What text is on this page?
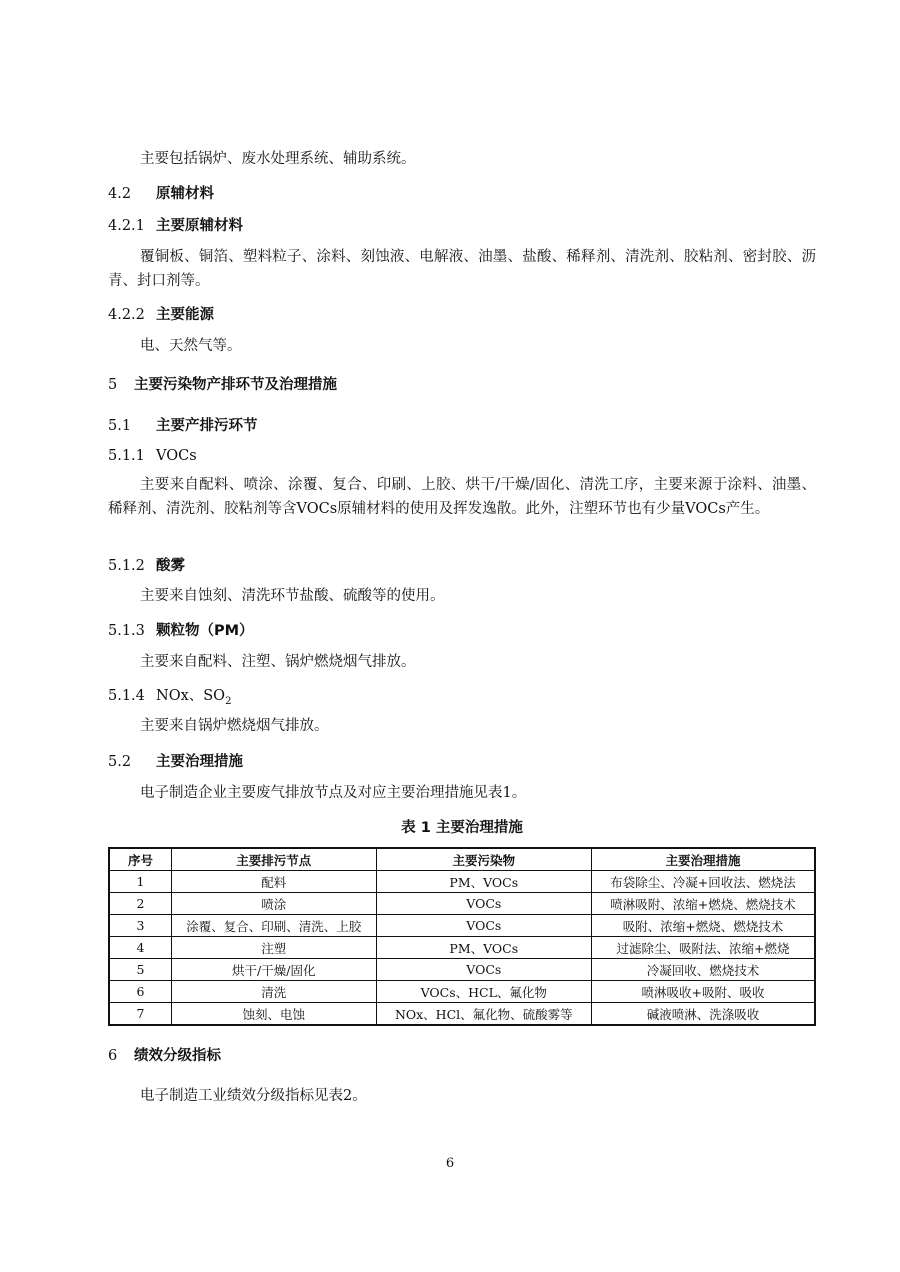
主要包括锅炉、废水处理系统、辅助系统。
4.2 原辅材料
4.2.1 主要原辅材料
覆铜板、铜箔、塑料粒子、涂料、刻蚀液、电解液、油墨、盐酸、稀释剂、清洗剂、胶粘剂、密封胶、沥青、封口剂等。
4.2.2 主要能源
电、天然气等。
5 主要污染物产排环节及治理措施
5.1 主要产排污环节
5.1.1 VOCs
主要来自配料、喷涂、涂覆、复合、印刷、上胶、烘干/干燥/固化、清洗工序，主要来源于涂料、油墨、稀释剂、清洗剂、胶粘剂等含VOCs原辅材料的使用及挥发逸散。此外，注塑环节也有少量VOCs产生。
5.1.2 酸雾
主要来自蚀刻、清洗环节盐酸、硫酸等的使用。
5.1.3 颗粒物（PM）
主要来自配料、注塑、锅炉燃烧烟气排放。
5.1.4 NOx、$SO_2$
主要来自锅炉燃烧烟气排放。
5.2 主要治理措施
电子制造企业主要废气排放节点及对应主要治理措施见表1。
表 1 主要治理措施
序号	主要排污节点	主要污染物	主要治理措施
1	配料	PM、VOCs	布袋除尘、冷凝+回收法、燃烧法
2	喷涂	VOCs	喷淋吸附、浓缩+燃烧、燃烧技术
3	涂覆、复合、印刷、清洗、上胶	VOCs	吸附、浓缩+燃烧、燃烧技术
4	注塑	PM、VOCs	过滤除尘、吸附法、浓缩+燃烧
5	烘干/干燥/固化	VOCs	冷凝回收、燃烧技术
6	清洗	VOCs、HCL、氟化物	喷淋吸收+吸附、吸收
7	蚀刻、电蚀	NOx、HCl、氟化物、硫酸雾等	碱液喷淋、洗涤吸收
6 绩效分级指标
电子制造工业绩效分级指标见表2。
6
